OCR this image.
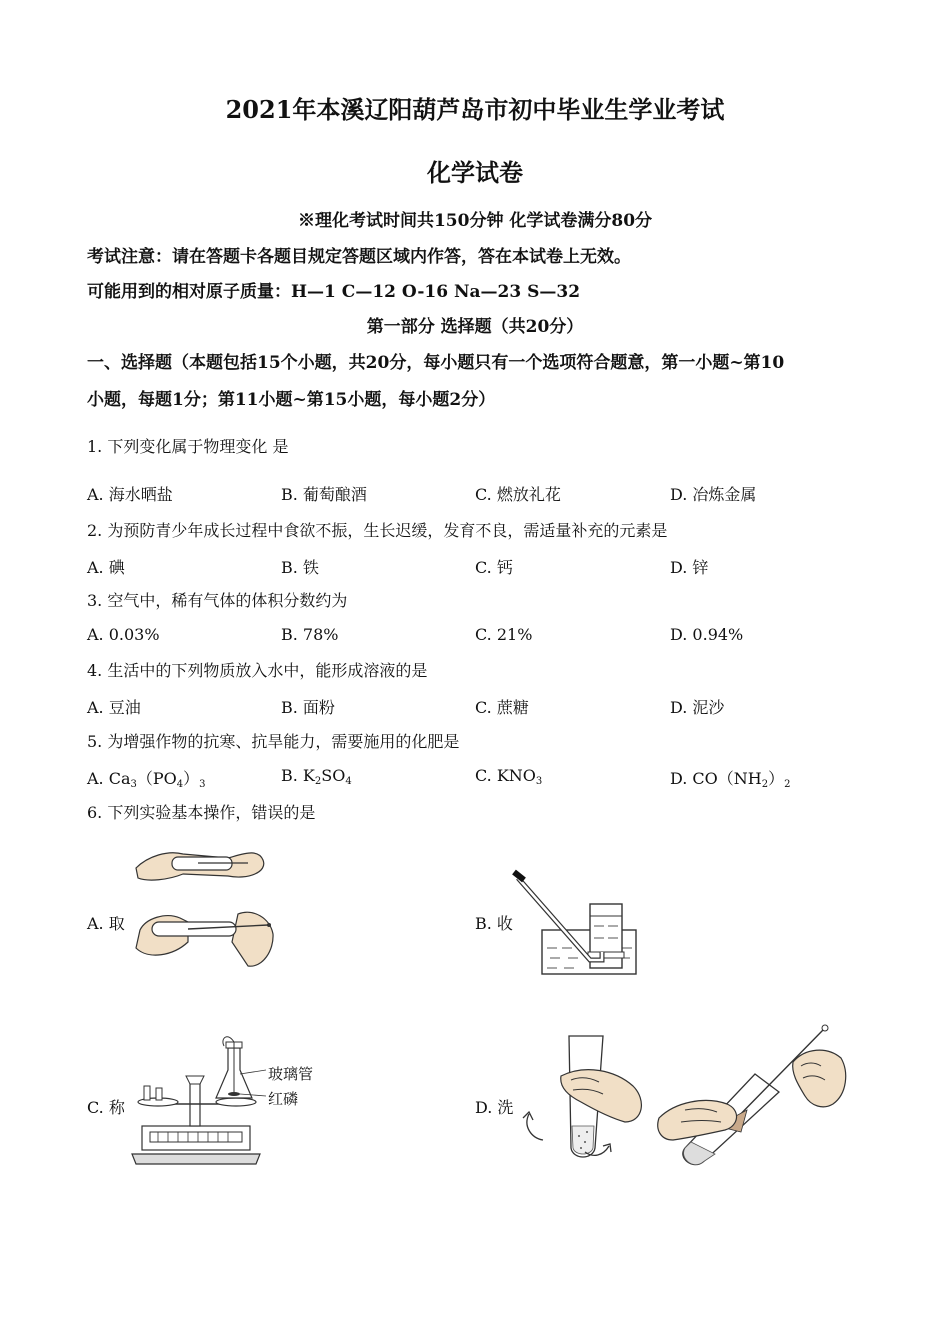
2021年本溪辽阳葫芦岛市初中毕业生学业考试
化学试卷
※理化考试时间共150分钟 化学试卷满分80分
考试注意：请在答题卡各题目规定答题区域内作答，答在本试卷上无效。
可能用到的相对原子质量：H—1 C—12 O-16 Na—23 S—32
第一部分 选择题（共20分）
一、选择题（本题包括15个小题，共20分，每小题只有一个选项符合题意，第一小题~第10
小题，每题1分；第11小题~第15小题，每小题2分）
1. 下列变化属于物理变化 是
A. 海水晒盐	B. 葡萄酿酒	C. 燃放礼花	D. 冶炼金属
2. 为预防青少年成长过程中食欲不振，生长迟缓，发育不良，需适量补充的元素是
A. 碘	B. 铁	C. 钙	D. 锌
3. 空气中，稀有气体的体积分数约为
A. 0.03%	B. 78%	C. 21%	D. 0.94%
4. 生活中的下列物质放入水中，能形成溶液的是
A. 豆油	B. 面粉	C. 蔗糖	D. 泥沙
5. 为增强作物的抗寒、抗旱能力，需要施用的化肥是
A. $Ca_3(PO_4)_3$	B. $K_2SO_4$	C. $KNO_3$	D. $CO(NH_2)_2$
6. 下列实验基本操作，错误的是
A. 取	B. 收
C. 称
玻璃管
红磷	D. 洗
